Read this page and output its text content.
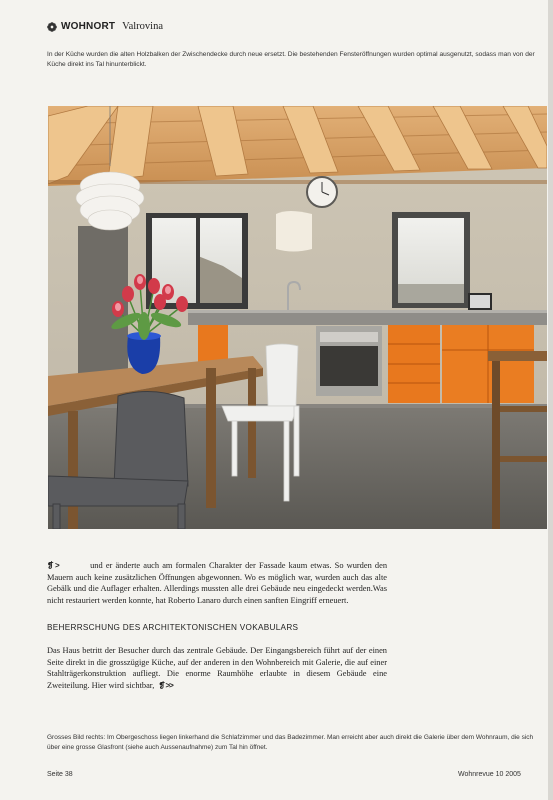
WOHNORT Valrovina
In der Küche wurden die alten Holzbalken der Zwischendecke durch neue ersetzt. Die bestehenden Fensteröffnungen wurden optimal ausgenutzt, sodass man von der Küche direkt ins Tal hinunterblickt.
❡ >	und er änderte auch am formalen Charakter der Fassade kaum etwas. So wurden den Mauern auch keine zusätzlichen Öffnungen abgewonnen. Wo es möglich war, wurden auch das alte Gebälk und die Auflager erhalten. Allerdings mussten alle drei Gebäude neu eingedeckt werden.Was nicht restauriert werden konnte, hat Roberto Lanaro durch einen sanften Eingriff erneuert.
BEHERRSCHUNG DES ARCHITEKTONISCHEN VOKABULARS
Das Haus betritt der Besucher durch das zentrale Gebäude. Der Eingangsbereich führt auf der einen Seite direkt in die grosszügige Küche, auf der anderen in den Wohnbereich mit Galerie, die auf einer Stahlträgerkonstruktion aufliegt. Die enorme Raumhöhe erlaubte in diesem Gebäude eine Zweiteilung. Hier wird sichtbar, ❡ >>
Grosses Bild rechts: Im Obergeschoss liegen linkerhand die Schlafzimmer und das Badezimmer. Man erreicht aber auch direkt die Galerie über dem Wohnraum, die sich über eine grosse Glasfront (siehe auch Aussenaufnahme) zum Tal hin öffnet.
Seite 38	Wohnrevue 10 2005
